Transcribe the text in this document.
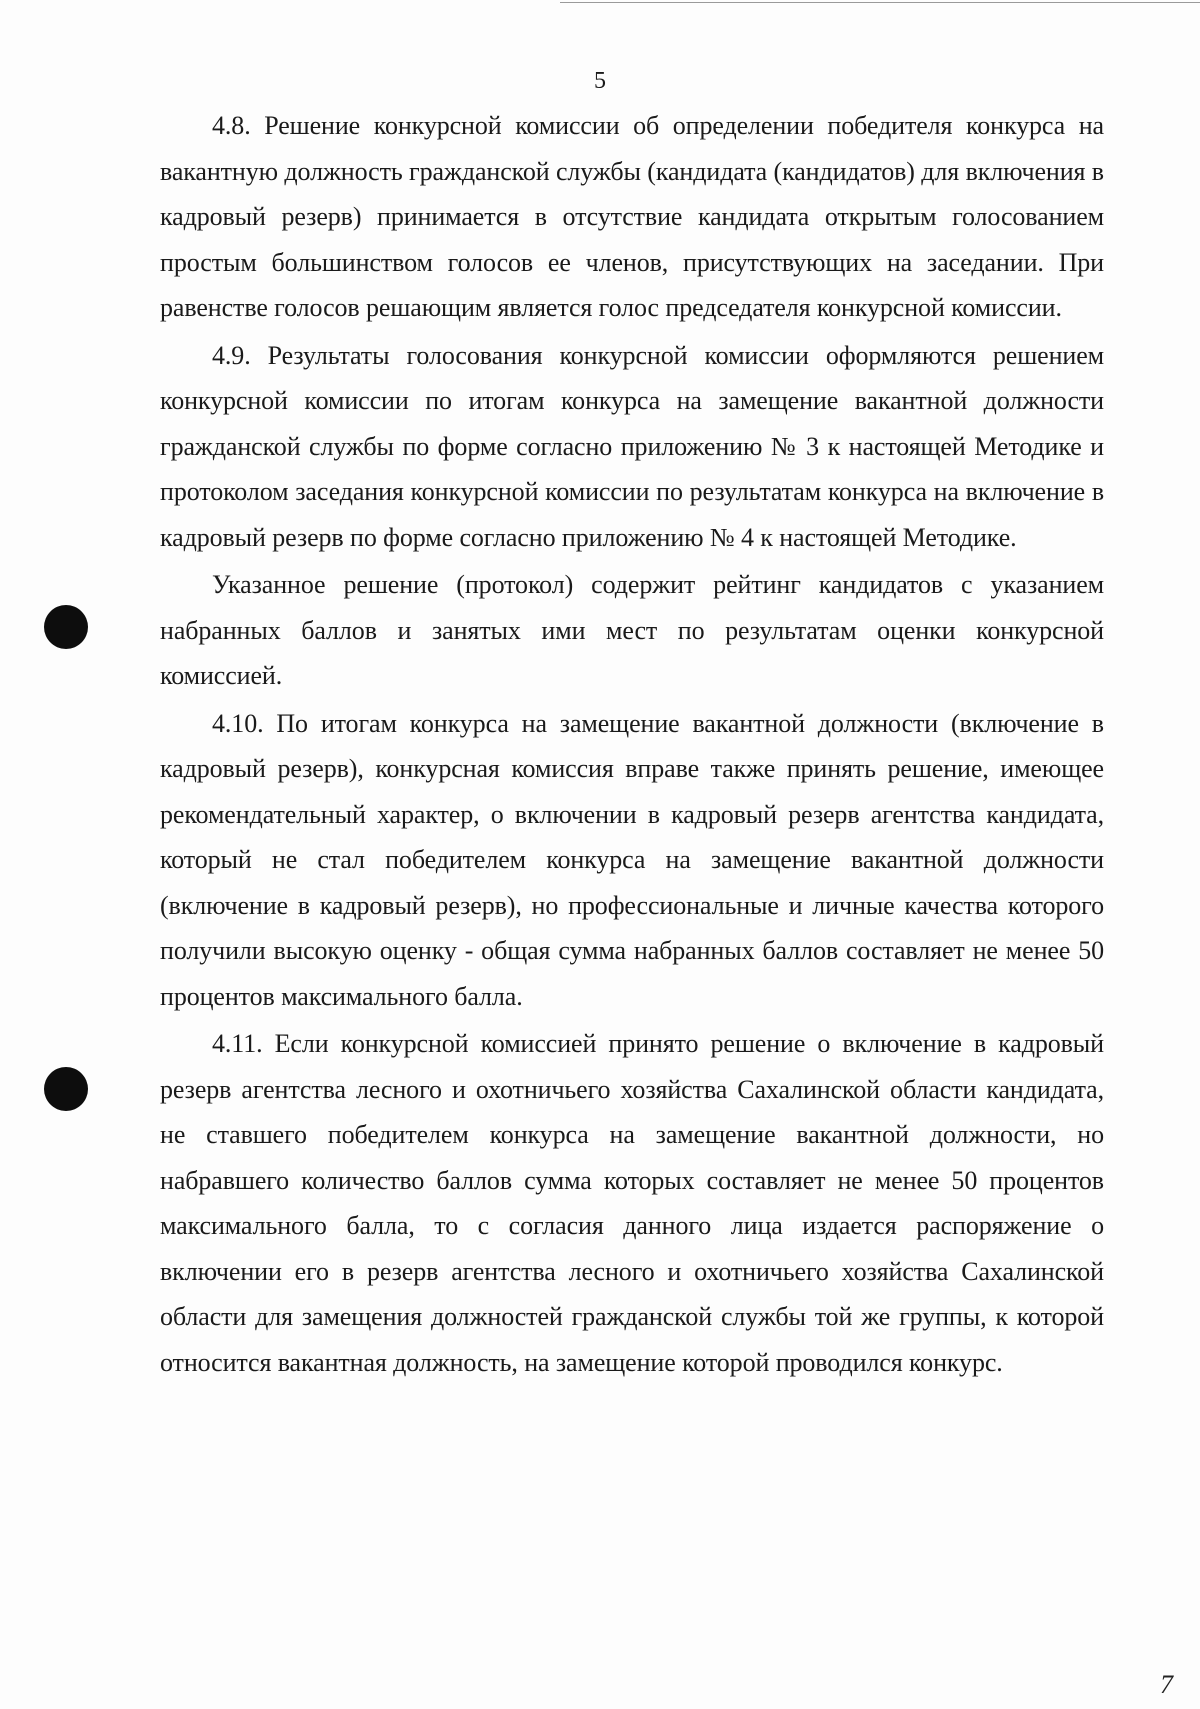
5

4.8. Решение конкурсной комиссии об определении победителя конкурса на вакантную должность гражданской службы (кандидата (кандидатов) для включения в кадровый резерв) принимается в отсутствие кандидата открытым голосованием простым большинством голосов ее членов, присутствующих на заседании. При равенстве голосов решающим является голос председателя конкурсной комиссии.

4.9. Результаты голосования конкурсной комиссии оформляются решением конкурсной комиссии по итогам конкурса на замещение вакантной должности гражданской службы по форме согласно приложению № 3 к настоящей Методике и протоколом заседания конкурсной комиссии по результатам конкурса на включение в кадровый резерв по форме согласно приложению № 4 к настоящей Методике.

Указанное решение (протокол) содержит рейтинг кандидатов с указанием набранных баллов и занятых ими мест по результатам оценки конкурсной комиссией.

4.10. По итогам конкурса на замещение вакантной должности (включение в кадровый резерв), конкурсная комиссия вправе также принять решение, имеющее рекомендательный характер, о включении в кадровый резерв агентства кандидата, который не стал победителем конкурса на замещение вакантной должности (включение в кадровый резерв), но профессиональные и личные качества которого получили высокую оценку - общая сумма набранных баллов составляет не менее 50 процентов максимального балла.

4.11. Если конкурсной комиссией принято решение о включение в кадровый резерв агентства лесного и охотничьего хозяйства Сахалинской области кандидата, не ставшего победителем конкурса на замещение вакантной должности, но набравшего количество баллов сумма которых составляет не менее 50 процентов максимального балла, то с согласия данного лица издается распоряжение о включении его в резерв агентства лесного и охотничьего хозяйства Сахалинской области для замещения должностей гражданской службы той же группы, к которой относится вакантная должность, на замещение которой проводился конкурс.

7
